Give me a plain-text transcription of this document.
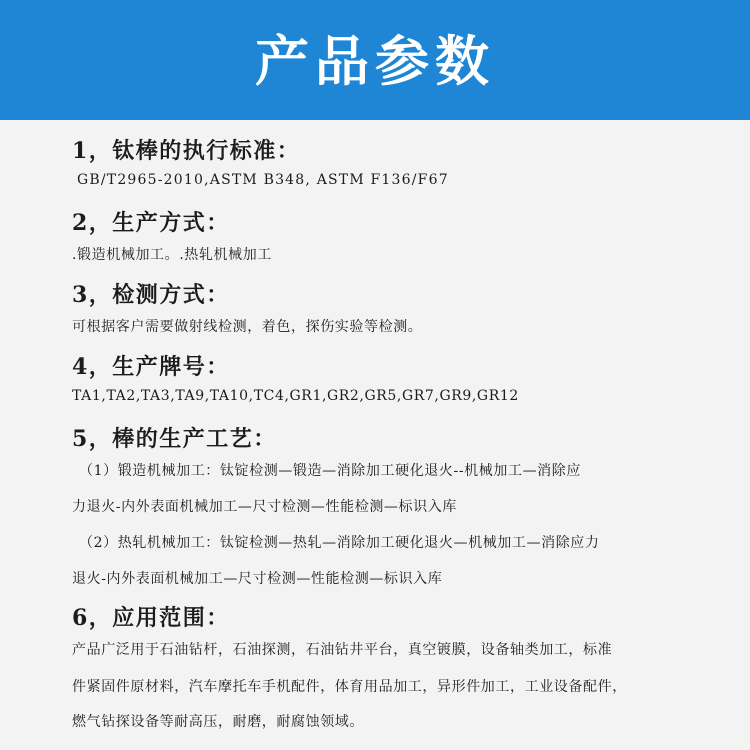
产品参数
1，钛棒的执行标准：
GB/T2965-2010,ASTM B348, ASTM F136/F67
2，生产方式：
.锻造机械加工。.热轧机械加工
3，检测方式：
可根据客户需要做射线检测，着色，探伤实验等检测。
4，生产牌号：
TA1,TA2,TA3,TA9,TA10,TC4,GR1,GR2,GR5,GR7,GR9,GR12
5，棒的生产工艺：
（1）锻造机械加工：钛锭检测—锻造—消除加工硬化退火--机械加工—消除应
力退火-内外表面机械加工—尺寸检测—性能检测—标识入库
（2）热轧机械加工：钛锭检测—热轧—消除加工硬化退火—机械加工—消除应力
退火-内外表面机械加工—尺寸检测—性能检测—标识入库
6，应用范围：
产品广泛用于石油钻杆，石油探测，石油钻井平台，真空镀膜，设备轴类加工，标准
件紧固件原材料，汽车摩托车手机配件，体育用品加工，异形件加工，工业设备配件，
燃气钻探设备等耐高压，耐磨，耐腐蚀领域。
